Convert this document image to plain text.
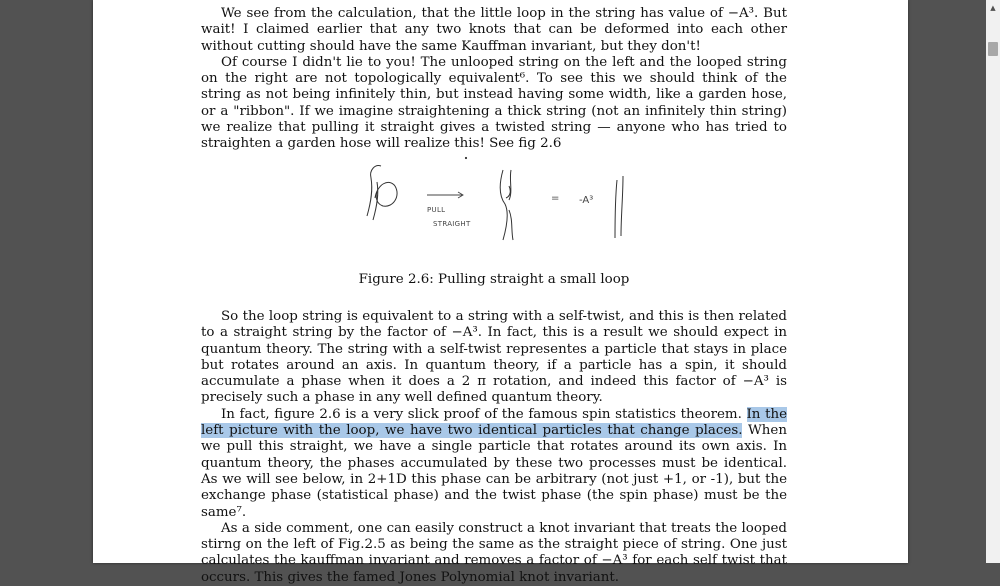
We see from the calculation, that the little loop in the string has value of −A³. But wait! I claimed earlier that any two knots that can be deformed into each other without cutting should have the same Kauffman invariant, but they don't!

Of course I didn't lie to you! The unlooped string on the left and the looped string on the right are not topologically equivalent⁶. To see this we should think of the string as not being infinitely thin, but instead having some width, like a garden hose, or a "ribbon". If we imagine straightening a thick string (not an infinitely thin string) we realize that pulling it straight gives a twisted string — anyone who has tried to straighten a garden hose will realize this! See fig 2.6

PULL
STRAIGHT
= -A³
Figure 2.6: Pulling straight a small loop

So the loop string is equivalent to a string with a self-twist, and this is then related to a straight string by the factor of −A³. In fact, this is a result we should expect in quantum theory. The string with a self-twist representes a particle that stays in place but rotates around an axis. In quantum theory, if a particle has a spin, it should accumulate a phase when it does a 2 π rotation, and indeed this factor of −A³ is precisely such a phase in any well defined quantum theory.

In fact, figure 2.6 is a very slick proof of the famous spin statistics theorem. In the left picture with the loop, we have two identical particles that change places. When we pull this straight, we have a single particle that rotates around its own axis. In quantum theory, the phases accumulated by these two processes must be identical. As we will see below, in 2+1D this phase can be arbitrary (not just +1, or -1), but the exchange phase (statistical phase) and the twist phase (the spin phase) must be the same⁷.

As a side comment, one can easily construct a knot invariant that treats the looped stirng on the left of Fig.2.5 as being the same as the straight piece of string. One just calculates the kauffman invariant and removes a factor of −A³ for each self twist that occurs. This gives the famed Jones Polynomial knot invariant.

▲
